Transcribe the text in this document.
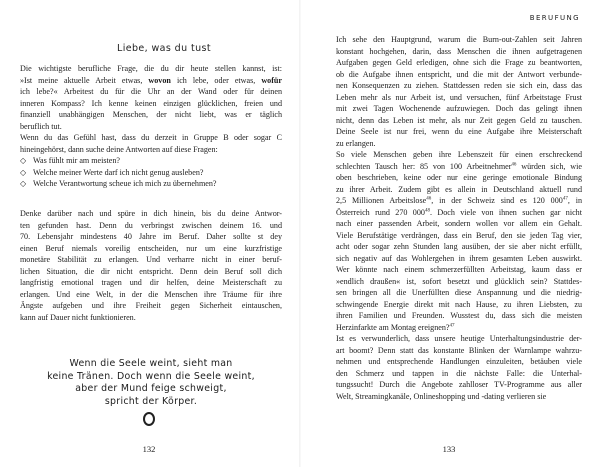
Liebe, was du tust
Die wichtigste berufliche Frage, die du dir heute stellen kannst, ist:
»Ist meine aktuelle Arbeit etwas, wovon ich lebe, oder etwas, wofür
ich lebe?« Arbeitest du für die Uhr an der Wand oder für deinen
inneren Kompass? Ich kenne keinen einzigen glücklichen, freien und
finanziell unabhängigen Menschen, der nicht liebt, was er täglich
beruflich tut.
Wenn du das Gefühl hast, dass du derzeit in Gruppe B oder sogar C
hineingehörst, dann suche deine Antworten auf diese Fragen:
◇ Was fühlt mir am meisten?
◇ Welche meiner Werte darf ich nicht genug ausleben?
◇ Welche Verantwortung scheue ich mich zu übernehmen?
Denke darüber nach und spüre in dich hinein, bis du deine Antwor-
ten gefunden hast. Denn du verbringst zwischen deinem 16. und
70. Lebensjahr mindestens 40 Jahre im Beruf. Daher sollte st dey
einen Beruf niemals voreilig entscheiden, nur um eine kurzfristige
monetäre Stabilität zu erlangen. Und verharre nicht in einer beruf-
lichen Situation, die dir nicht entspricht. Denn dein Beruf soll dich
langfristig emotional tragen und dir helfen, deine Meisterschaft zu
erlangen. Und eine Welt, in der die Menschen ihre Träume für ihre
Ängste aufgeben und ihre Freiheit gegen Sicherheit eintauschen,
kann auf Dauer nicht funktionieren.
Wenn die Seele weint, sieht man
keine Tränen. Doch wenn die Seele weint,
aber der Mund feige schweigt,
spricht der Körper.
132
BERUFUNG
Ich sehe den Hauptgrund, warum die Burn-out-Zahlen seit Jahren
konstant hochgehen, darin, dass Menschen die ihnen aufgetragenen
Aufgaben gegen Geld erledigen, ohne sich die Frage zu beantworten,
ob die Aufgabe ihnen entspricht, und die mit der Antwort verbunde-
nen Konsequenzen zu ziehen. Stattdessen reden sie sich ein, dass das
Leben mehr als nur Arbeit ist, und versuchen, fünf Arbeitstage Frust
mit zwei Tagen Wochenende aufzuwiegen. Doch das gelingt ihnen
nicht, denn das Leben ist mehr, als nur Zeit gegen Geld zu tauschen.
Deine Seele ist nur frei, wenn du eine Aufgabe ihre Meisterschaft
zu erlangen.
So viele Menschen geben ihre Lebenszeit für einen erschreckend
schlechten Tausch her: 85 von 100 Arbeitnehmer$^{46}$ würden sich, wie
oben beschrieben, keine oder nur eine geringe emotionale Bindung
zu ihrer Arbeit. Zudem gibt es allein in Deutschland aktuell rund
2,5 Millionen Arbeitslose$^{46}$, in der Schweiz sind es 120 $000^{47}$, in
Österreich rund 270 $000^{48}$. Doch viele von ihnen suchen gar nicht
nach einer passenden Arbeit, sondern wollen vor allem ein Gehalt.
Viele Berufstätige verdrängen, dass ein Beruf, den sie jeden Tag vier,
acht oder sogar zehn Stunden lang ausüben, der sie aber nicht erfüllt,
sich negativ auf das Wohlergehen in ihrem gesamten Leben auswirkt.
Wer könnte nach einem schmerzerfüllten Arbeitstag, kaum dass er
»endlich draußen« ist, sofort besetzt und glücklich sein? Stattdes-
sen bringen all die Unerfüllten diese Anspannung und die niedrig-
schwingende Energie direkt mit nach Hause, zu ihren Liebsten, zu
ihren Familien und Freunden. Wusstest du, dass sich die meisten
Herzinfarkte am Montag ereignen?$^{47}$
Ist es verwunderlich, dass unsere heutige Unterhaltungsindustrie der-
art boomt? Denn statt das konstante Blinken der Warnlampe wahrzu-
nehmen und entsprechende Handlungen einzuleiten, betäuben viele
den Schmerz und tappen in die nächste Falle: die Unterhal-
tungssucht! Durch die Angebote zahlloser TV-Programme aus aller
Welt, Streamingkanäle, Onlineshopping und -dating verlieren sie
133
